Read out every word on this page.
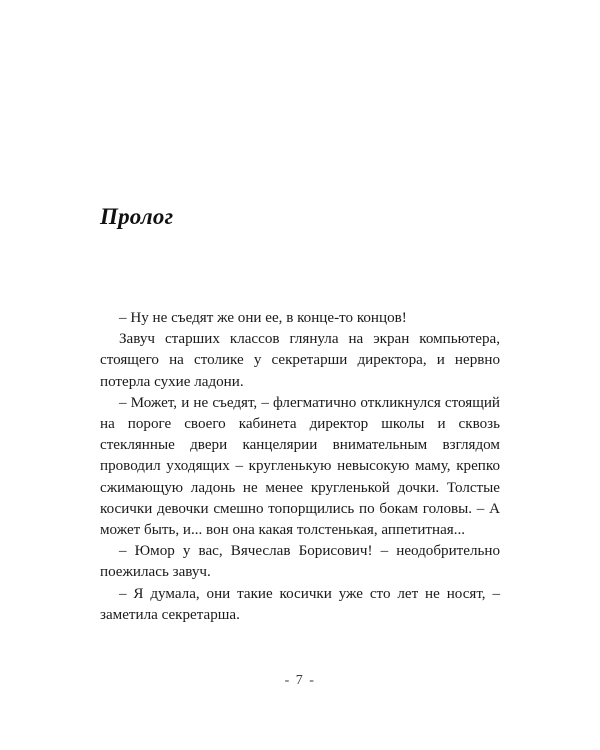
Пролог

– Ну не съедят же они ее, в конце-то концов!

Завуч старших классов глянула на экран компьютера, стоящего на столике у секретарши директора, и нервно потерла сухие ладони.

– Может, и не съедят, – флегматично откликнулся стоящий на пороге своего кабинета директор школы и сквозь стеклянные двери канцелярии внимательным взглядом проводил уходящих – кругленькую невысокую маму, крепко сжимающую ладонь не менее кругленькой дочки. Толстые косички девочки смешно топорщились по бокам головы. – А может быть, и... вон она какая толстенькая, аппетитная...

– Юмор у вас, Вячеслав Борисович! – неодобрительно поежилась завуч.

– Я думала, они такие косички уже сто лет не носят, – заметила секретарша.

- 7 -
